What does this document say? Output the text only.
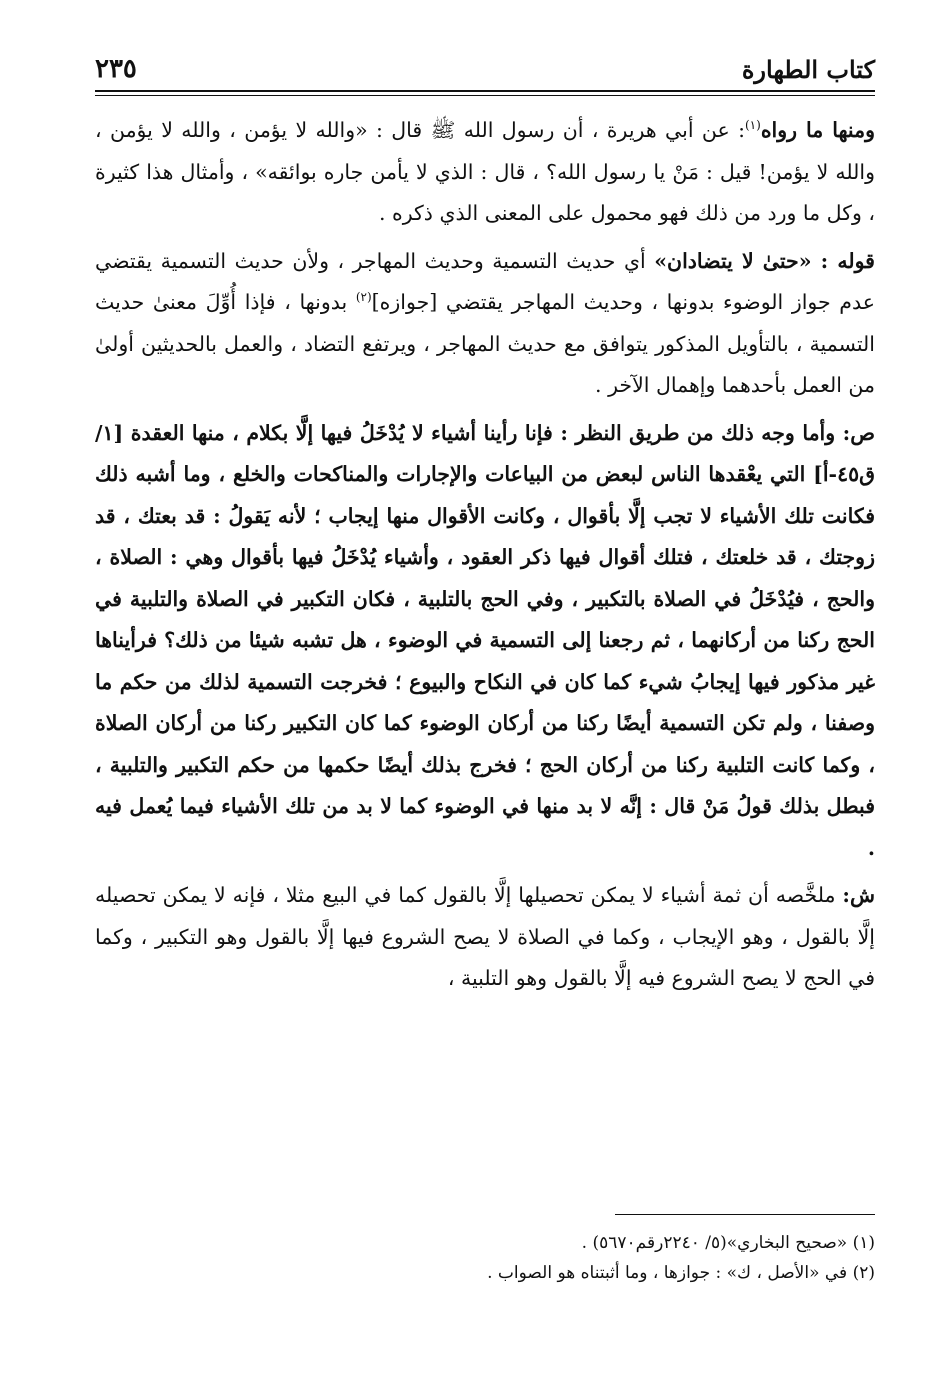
كتاب الطهارة
٢٣٥

ومنها ما رواه$^{(١)}$: عن أبي هريرة ، أن رسول الله ﷺ قال : «والله لا يؤمن ، والله لا يؤمن ، والله لا يؤمن! قيل : مَنْ يا رسول الله؟ ، قال : الذي لا يأمن جاره بوائقه» ، وأمثال هذا كثيرة ، وكل ما ورد من ذلك فهو محمول على المعنى الذي ذكره .

قوله : «حتىٰ لا يتضادان» أي حديث التسمية وحديث المهاجر ، ولأن حديث التسمية يقتضي عدم جواز الوضوء بدونها ، وحديث المهاجر يقتضي [جوازه]$^{(٢)}$ بدونها ، فإذا أُوِّلَ معنىٰ حديث التسمية ، بالتأويل المذكور يتوافق مع حديث المهاجر ، ويرتفع التضاد ، والعمل بالحديثين أولىٰ من العمل بأحدهما وإهمال الآخر .

ص: وأما وجه ذلك من طريق النظر : فإنا رأينا أشياء لا يُدْخَلُ فيها إلَّا بكلام ، منها العقدة [١/ق٤٥-أ] التي يعْقدها الناس لبعض من البياعات والإجارات والمناكحات والخلع ، وما أشبه ذلك فكانت تلك الأشياء لا تجب إلَّا بأقوال ، وكانت الأقوال منها إيجاب ؛ لأنه يَقولُ : قد بعتك ، قد زوجتك ، قد خلعتك ، فتلك أقوال فيها ذكر العقود ، وأشياء يُدْخَلُ فيها بأقوال وهي : الصلاة ، والحج ، فيُدْخَلُ في الصلاة بالتكبير ، وفي الحج بالتلبية ، فكان التكبير في الصلاة والتلبية في الحج ركنا من أركانهما ، ثم رجعنا إلى التسمية في الوضوء ، هل تشبه شيئا من ذلك؟ فرأيناها غير مذكور فيها إيجابُ شيء كما كان في النكاح والبيوع ؛ فخرجت التسمية لذلك من حكم ما وصفنا ، ولم تكن التسمية أيضًا ركنا من أركان الوضوء كما كان التكبير ركنا من أركان الصلاة ، وكما كانت التلبية ركنا من أركان الحج ؛ فخرج بذلك أيضًا حكمها من حكم التكبير والتلبية ، فبطل بذلك قولُ مَنْ قال : إنَّه لا بد منها في الوضوء كما لا بد من تلك الأشياء فيما يُعمل فيه .

ش: ملخَّصه أن ثمة أشياء لا يمكن تحصيلها إلَّا بالقول كما في البيع مثلا ، فإنه لا يمكن تحصيله إلَّا بالقول ، وهو الإيجاب ، وكما في الصلاة لا يصح الشروع فيها إلَّا بالقول وهو التكبير ، وكما في الحج لا يصح الشروع فيه إلَّا بالقول وهو التلبية ،

(١) «صحيح البخاري»(٥/ ٢٢٤٠رقم٥٦٧٠) .

(٢) في «الأصل ، ك» : جوازها ، وما أثبتناه هو الصواب .
